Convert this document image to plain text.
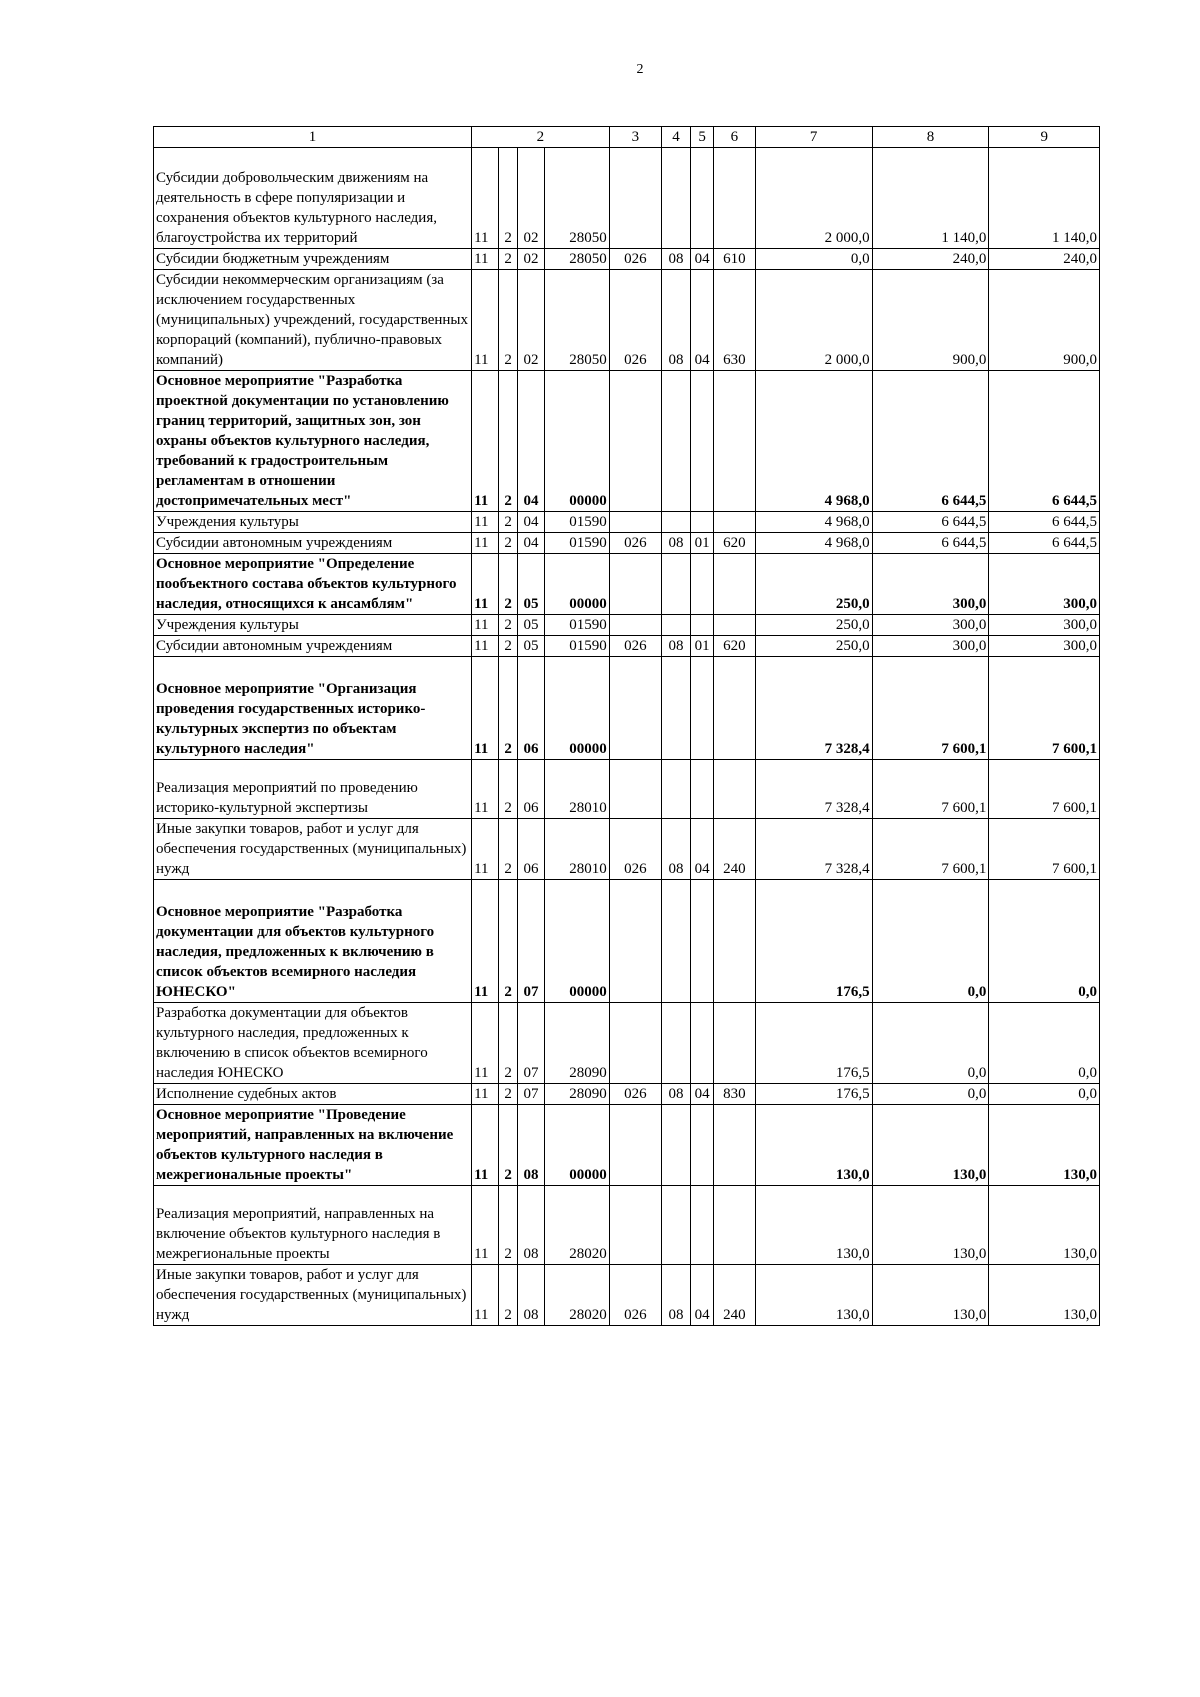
2
1	2				3	4	5	6	7	8	9
Субсидии добровольческим движениям на деятельность в сфере популяризации и сохранения объектов культурного наследия, благоустройства их территорий	11	2	02	28050					2 000,0	1 140,0	1 140,0
Субсидии бюджетным учреждениям	11	2	02	28050	026	08	04	610	0,0	240,0	240,0
Субсидии некоммерческим организациям (за исключением государственных (муниципальных) учреждений, государственных корпораций (компаний), публично-правовых компаний)	11	2	02	28050	026	08	04	630	2 000,0	900,0	900,0
Основное мероприятие "Разработка проектной документации по установлению границ территорий, защитных зон, зон охраны объектов культурного наследия, требований к градостроительным регламентам в отношении достопримечательных мест"	11	2	04	00000					4 968,0	6 644,5	6 644,5
Учреждения культуры	11	2	04	01590					4 968,0	6 644,5	6 644,5
Субсидии автономным учреждениям	11	2	04	01590	026	08	01	620	4 968,0	6 644,5	6 644,5
Основное мероприятие "Определение пообъектного состава объектов культурного наследия, относящихся к ансамблям"	11	2	05	00000					250,0	300,0	300,0
Учреждения культуры	11	2	05	01590					250,0	300,0	300,0
Субсидии автономным учреждениям	11	2	05	01590	026	08	01	620	250,0	300,0	300,0
Основное мероприятие "Организация проведения государственных историко-культурных экспертиз по объектам культурного наследия"	11	2	06	00000					7 328,4	7 600,1	7 600,1
Реализация мероприятий по проведению историко-культурной экспертизы	11	2	06	28010					7 328,4	7 600,1	7 600,1
Иные закупки товаров, работ и услуг для обеспечения государственных (муниципальных) нужд	11	2	06	28010	026	08	04	240	7 328,4	7 600,1	7 600,1
Основное мероприятие "Разработка документации для объектов культурного наследия, предложенных к включению в список объектов всемирного наследия ЮНЕСКО"	11	2	07	00000					176,5	0,0	0,0
Разработка документации для объектов культурного наследия, предложенных к включению в список объектов всемирного наследия ЮНЕСКО	11	2	07	28090					176,5	0,0	0,0
Исполнение судебных актов	11	2	07	28090	026	08	04	830	176,5	0,0	0,0
Основное мероприятие "Проведение мероприятий, направленных на включение объектов культурного наследия в межрегиональные проекты"	11	2	08	00000					130,0	130,0	130,0
Реализация мероприятий, направленных на включение объектов культурного наследия в межрегиональные проекты	11	2	08	28020					130,0	130,0	130,0
Иные закупки товаров, работ и услуг для обеспечения государственных (муниципальных) нужд	11	2	08	28020	026	08	04	240	130,0	130,0	130,0
